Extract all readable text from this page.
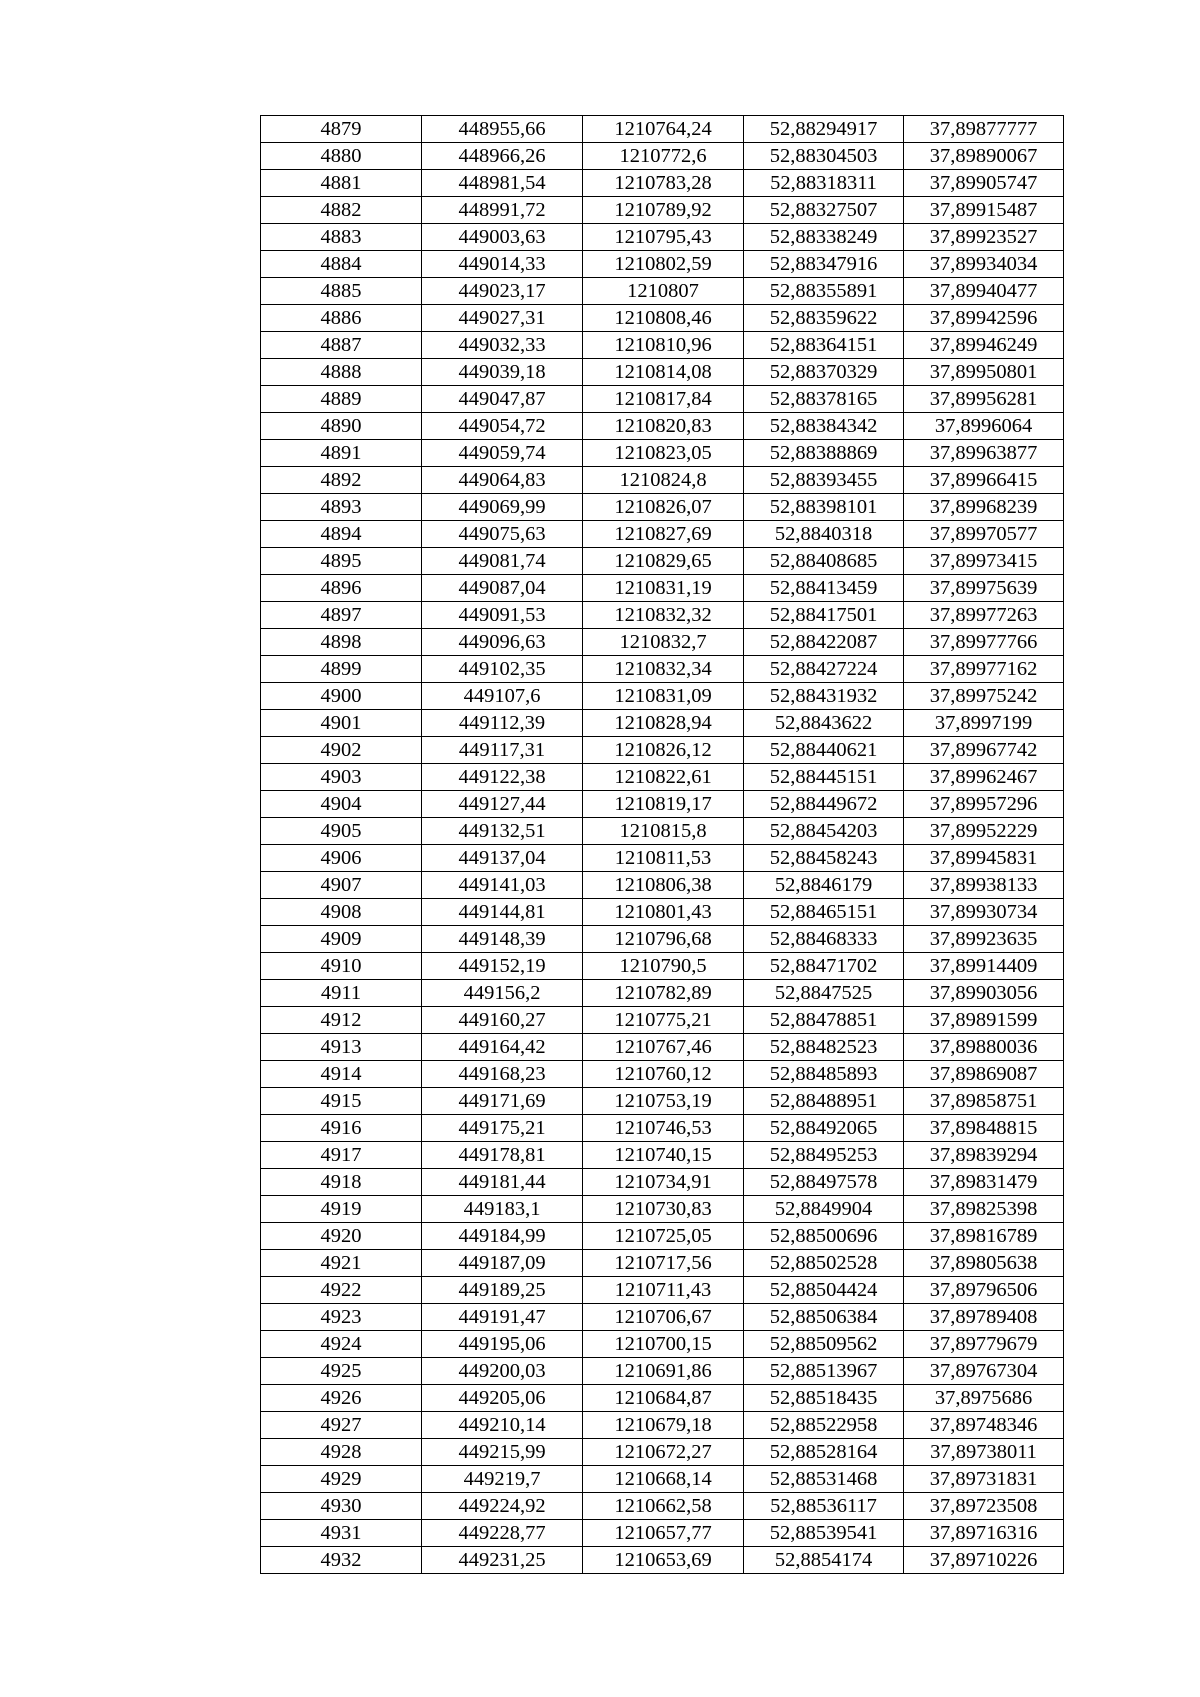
4879	448955,66	1210764,24	52,88294917	37,89877777
4880	448966,26	1210772,6	52,88304503	37,89890067
4881	448981,54	1210783,28	52,88318311	37,89905747
4882	448991,72	1210789,92	52,88327507	37,89915487
4883	449003,63	1210795,43	52,88338249	37,89923527
4884	449014,33	1210802,59	52,88347916	37,89934034
4885	449023,17	1210807	52,88355891	37,89940477
4886	449027,31	1210808,46	52,88359622	37,89942596
4887	449032,33	1210810,96	52,88364151	37,89946249
4888	449039,18	1210814,08	52,88370329	37,89950801
4889	449047,87	1210817,84	52,88378165	37,89956281
4890	449054,72	1210820,83	52,88384342	37,8996064
4891	449059,74	1210823,05	52,88388869	37,89963877
4892	449064,83	1210824,8	52,88393455	37,89966415
4893	449069,99	1210826,07	52,88398101	37,89968239
4894	449075,63	1210827,69	52,8840318	37,89970577
4895	449081,74	1210829,65	52,88408685	37,89973415
4896	449087,04	1210831,19	52,88413459	37,89975639
4897	449091,53	1210832,32	52,88417501	37,89977263
4898	449096,63	1210832,7	52,88422087	37,89977766
4899	449102,35	1210832,34	52,88427224	37,89977162
4900	449107,6	1210831,09	52,88431932	37,89975242
4901	449112,39	1210828,94	52,8843622	37,8997199
4902	449117,31	1210826,12	52,88440621	37,89967742
4903	449122,38	1210822,61	52,88445151	37,89962467
4904	449127,44	1210819,17	52,88449672	37,89957296
4905	449132,51	1210815,8	52,88454203	37,89952229
4906	449137,04	1210811,53	52,88458243	37,89945831
4907	449141,03	1210806,38	52,8846179	37,89938133
4908	449144,81	1210801,43	52,88465151	37,89930734
4909	449148,39	1210796,68	52,88468333	37,89923635
4910	449152,19	1210790,5	52,88471702	37,89914409
4911	449156,2	1210782,89	52,8847525	37,89903056
4912	449160,27	1210775,21	52,88478851	37,89891599
4913	449164,42	1210767,46	52,88482523	37,89880036
4914	449168,23	1210760,12	52,88485893	37,89869087
4915	449171,69	1210753,19	52,88488951	37,89858751
4916	449175,21	1210746,53	52,88492065	37,89848815
4917	449178,81	1210740,15	52,88495253	37,89839294
4918	449181,44	1210734,91	52,88497578	37,89831479
4919	449183,1	1210730,83	52,8849904	37,89825398
4920	449184,99	1210725,05	52,88500696	37,89816789
4921	449187,09	1210717,56	52,88502528	37,89805638
4922	449189,25	1210711,43	52,88504424	37,89796506
4923	449191,47	1210706,67	52,88506384	37,89789408
4924	449195,06	1210700,15	52,88509562	37,89779679
4925	449200,03	1210691,86	52,88513967	37,89767304
4926	449205,06	1210684,87	52,88518435	37,8975686
4927	449210,14	1210679,18	52,88522958	37,89748346
4928	449215,99	1210672,27	52,88528164	37,89738011
4929	449219,7	1210668,14	52,88531468	37,89731831
4930	449224,92	1210662,58	52,88536117	37,89723508
4931	449228,77	1210657,77	52,88539541	37,89716316
4932	449231,25	1210653,69	52,8854174	37,89710226
